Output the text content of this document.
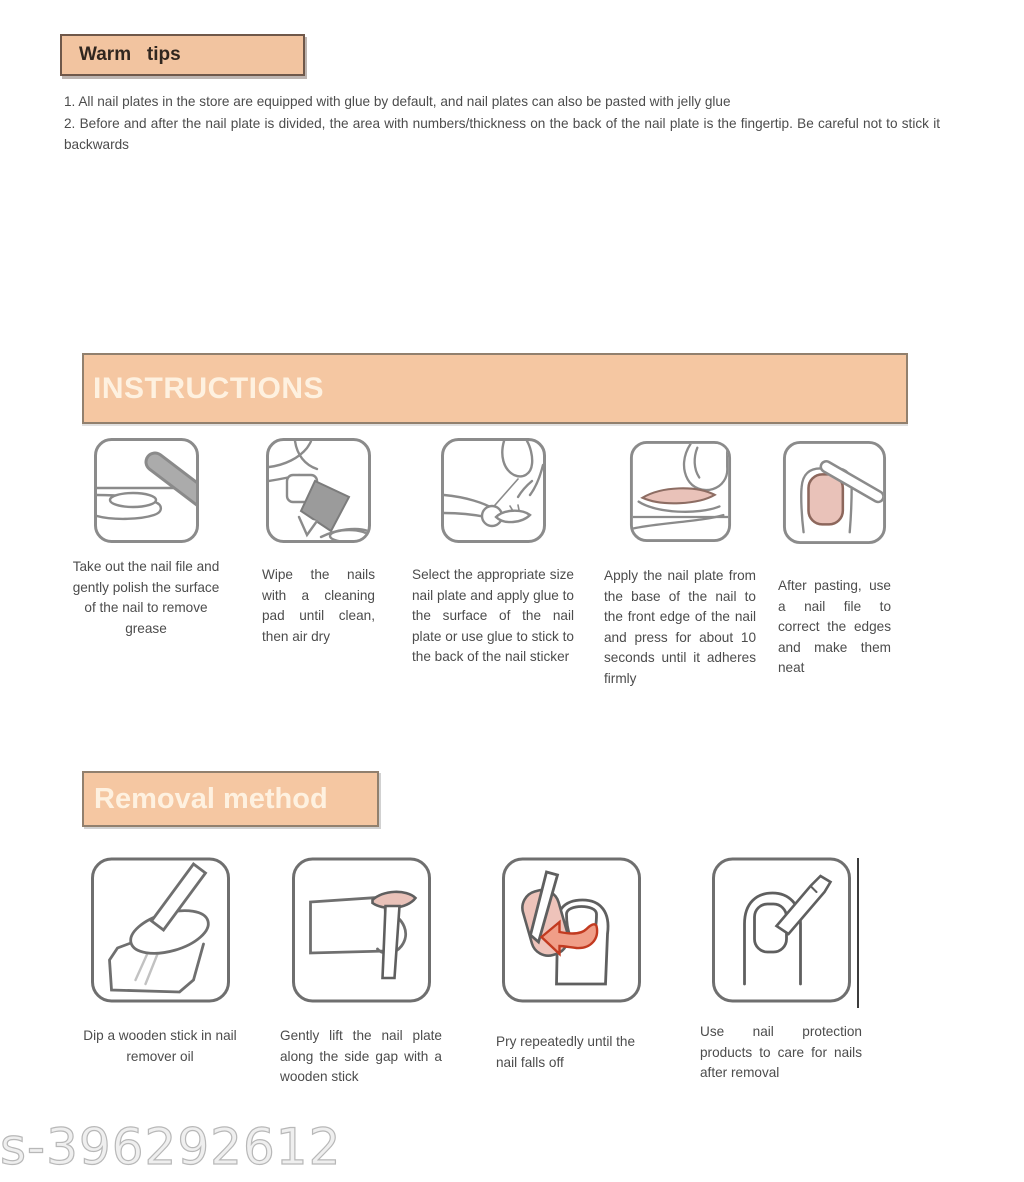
Warm   tips

1. All nail plates in the store are equipped with glue by default, and nail plates can also be pasted with jelly glue

2. Before and after the nail plate is divided, the area with numbers/thickness on the back of the nail plate is the fingertip. Be careful not to stick it backwards

INSTRUCTIONS
Take out the nail file and gently polish the surface of the nail to remove grease
Wipe the nails with a cleaning pad until clean, then air dry
Select the appropriate size nail plate and apply glue to the surface of the nail plate or use glue to stick to the back of the nail sticker
Apply the nail plate from the base of the nail to the front edge of the nail and press for about 10 seconds until it adheres firmly
After pasting, use a nail file to correct the edges and make them neat
Removal method
Dip a wooden stick in nail remover oil
Gently lift the nail plate along the side gap with a wooden stick
Pry repeatedly until the nail falls off
Use nail protection products to care for nails after removal
s-396292612
